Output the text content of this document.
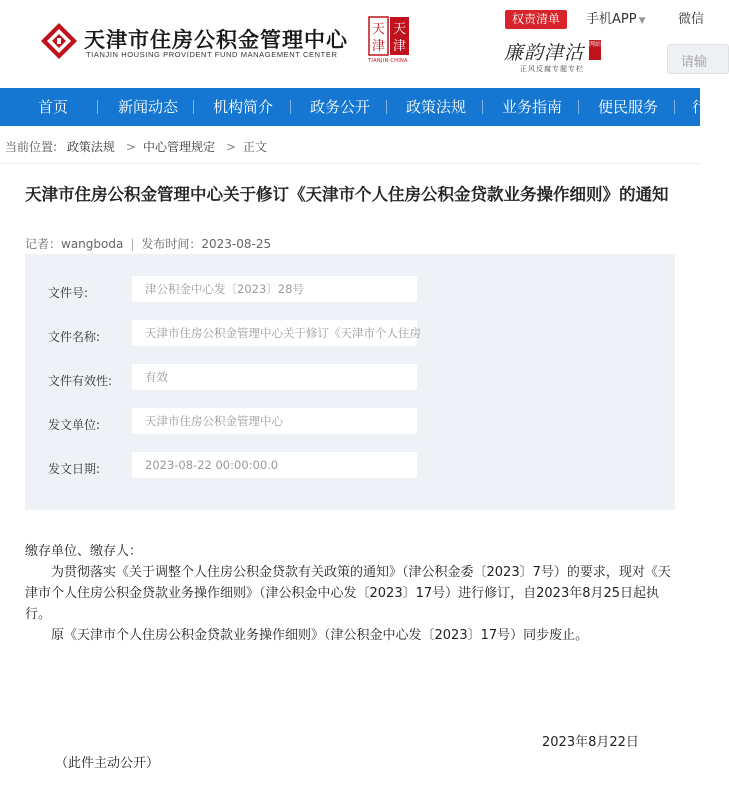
天津市住房公积金管理中心
TIANJIN HOUSING PROVIDENT FUND MANAGEMENT CENTER
天
津
天
津
TIANJIN·CHINA
权责清单	手机APP ▼	微信
廉韵津沽 网站
正风反腐专题专栏	请输
首页	新闻动态 机构简介 政务公开 政策法规 业务指南 便民服务 行
当前位置: 政策法规 > 中心管理规定 > 正文
天津市住房公积金管理中心关于修订《天津市个人住房公积金贷款业务操作细则》的通知
记者：wangboda | 发布时间：2023-08-25
文件号:	津公积金中心发〔2023〕28号
文件名称:	天津市住房公积金管理中心关于修订《天津市个人住房
文件有效性:	有效
发文单位:	天津市住房公积金管理中心
发文日期:	2023-08-22 00:00:00.0
缴存单位、缴存人：
为贯彻落实《关于调整个人住房公积金贷款有关政策的通知》（津公积金委〔2023〕7号）的要求，现对《天津市个人住房公积金贷款业务操作细则》（津公积金中心发〔2023〕17号）进行修订，自2023年8月25日起执行。
原《天津市个人住房公积金贷款业务操作细则》（津公积金中心发〔2023〕17号）同步废止。
2023年8月22日
（此件主动公开）
